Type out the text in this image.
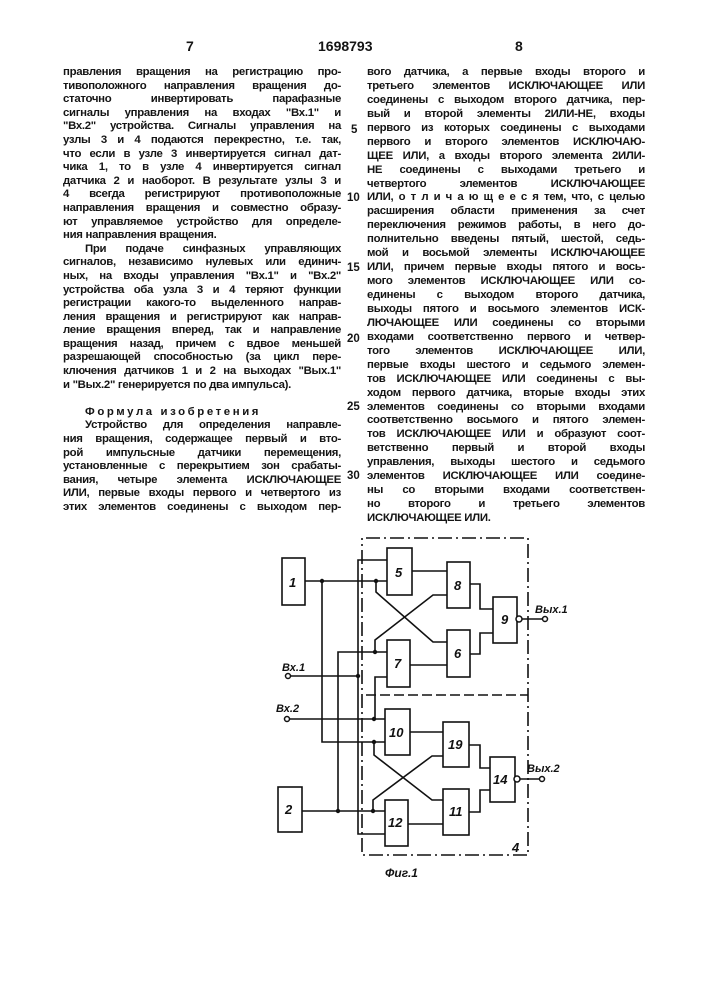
7	1698793	8
правления вращения на регистрацию про-
тивоположного направления вращения до-
статочно инвертировать парафазные
сигналы управления на входах "Вх.1" и
"Вх.2" устройства. Сигналы управления на
узлы 3 и 4 подаются перекрестно, т.е. так,
что если в узле 3 инвертируется сигнал дат-
чика 1, то в узле 4 инвертируется сигнал
датчика 2 и наоборот. В результате узлы 3 и
4 всегда регистрируют противоположные
направления вращения и совместно образу-
ют управляемое устройство для определе-
ния направления вращения.
При подаче синфазных управляющих
сигналов, независимо нулевых или единич-
ных, на входы управления "Вх.1" и "Вх.2"
устройства оба узла 3 и 4 теряют функции
регистрации какого-то выделенного направ-
ления вращения и регистрируют как направ-
ление вращения вперед, так и направление
вращения назад, причем с вдвое меньшей
разрешающей способностью (за цикл пере-
ключения датчиков 1 и 2 на выходах "Вых.1"
и "Вых.2" генерируется по два импульса).
Формула изобретения
Устройство для определения направле-
ния вращения, содержащее первый и вто-
рой импульсные датчики перемещения,
установленные с перекрытием зон срабаты-
вания, четыре элемента ИСКЛЮЧАЮЩЕЕ
ИЛИ, первые входы первого и четвертого из
этих элементов соединены с выходом пер-
вого датчика, а первые входы второго и
третьего элементов ИСКЛЮЧАЮЩЕЕ ИЛИ
соединены с выходом второго датчика, пер-
вый и второй элементы 2ИЛИ-НЕ, входы
первого из которых соединены с выходами
первого и второго элементов ИСКЛЮЧАЮ-
ЩЕЕ ИЛИ, а входы второго элемента 2ИЛИ-
НЕ соединены с выходами третьего и
четвертого элементов ИСКЛЮЧАЮЩЕЕ
ИЛИ, о т л и ч а ю щ е е с я тем, что, с целью
расширения области применения за счет
переключения режимов работы, в него до-
полнительно введены пятый, шестой, седь-
мой и восьмой элементы ИСКЛЮЧАЮЩЕЕ
ИЛИ, причем первые входы пятого и вось-
мого элементов ИСКЛЮЧАЮЩЕЕ ИЛИ со-
единены с выходом второго датчика,
выходы пятого и восьмого элементов ИСК-
ЛЮЧАЮЩЕЕ ИЛИ соединены со вторыми
входами соответственно первого и четвер-
того элементов ИСКЛЮЧАЮЩЕЕ ИЛИ,
первые входы шестого и седьмого элемен-
тов ИСКЛЮЧАЮЩЕЕ ИЛИ соединены с вы-
ходом первого датчика, вторые входы этих
элементов соединены со вторыми входами
соответственно восьмого и пятого элемен-
тов ИСКЛЮЧАЮЩЕЕ ИЛИ и образуют соот-
ветственно первый и второй входы
управления, выходы шестого и седьмого
элементов ИСКЛЮЧАЮЩЕЕ ИЛИ соедине-
ны со вторыми входами соответствен-
но второго и третьего элементов
ИСКЛЮЧАЮЩЕЕ ИЛИ.
5
10
15
20
25
30
1
5
8
6
7
9
10
19
11
12
14
2
4
Вх.1
Вх.2
Вых.1
Вых.2
Фиг.1
